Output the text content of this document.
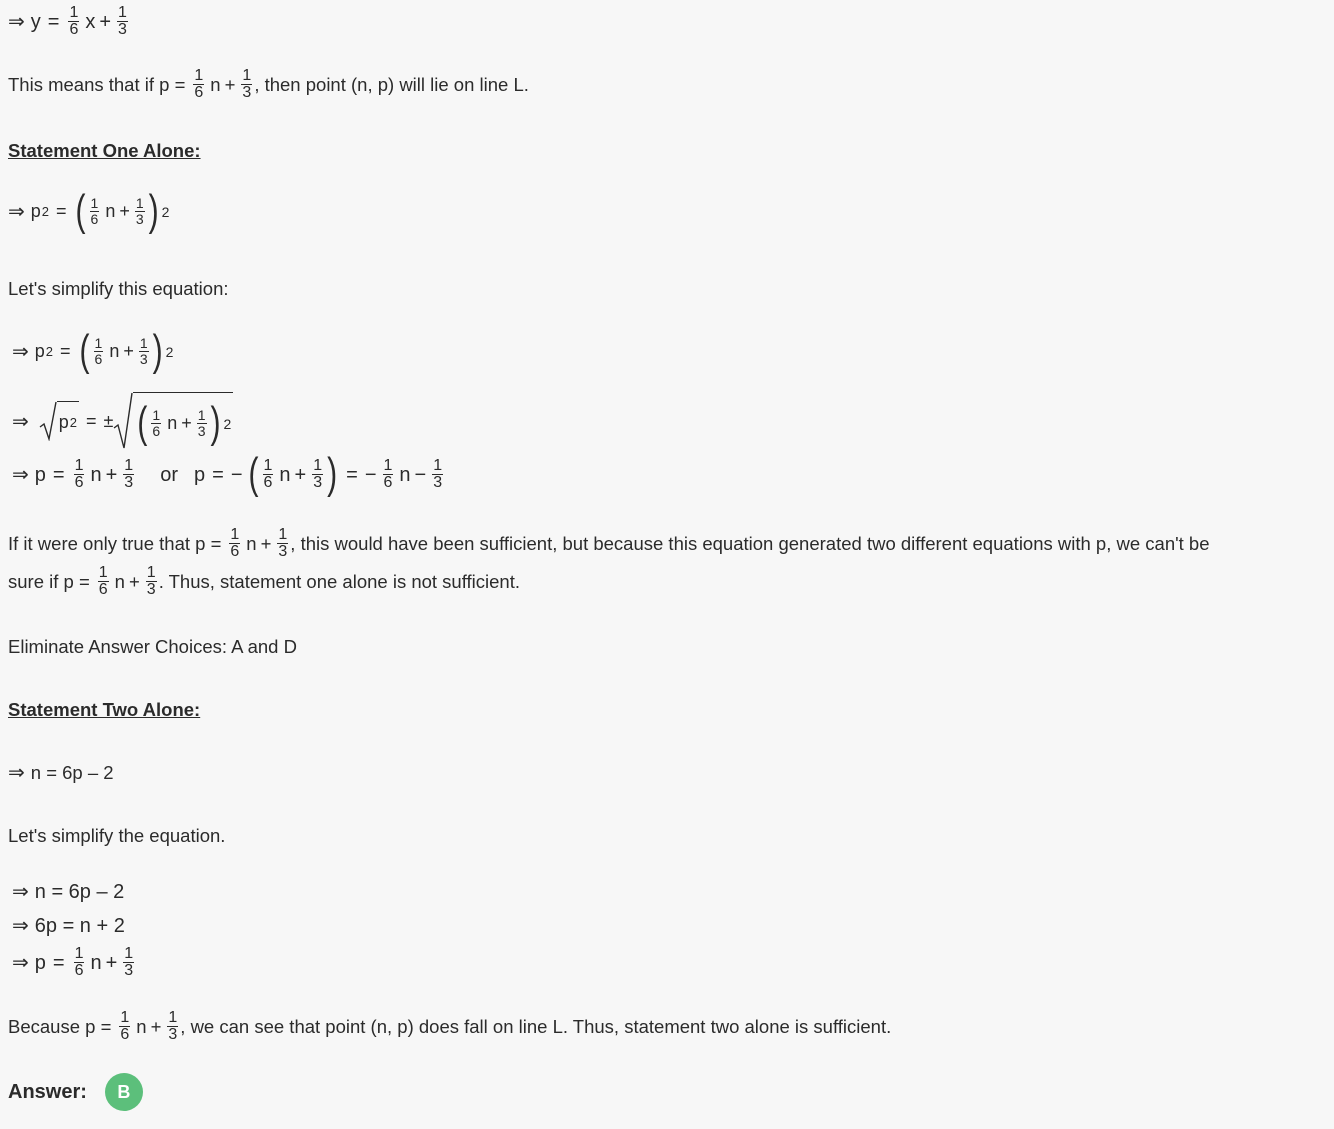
⇒ $y = \frac{1}{6}$ $x + \frac{1}{3}$
This means that if $p = \frac{1}{6}$ $n + \frac{1}{3}$ , then point (n, p) will lie on line L.
Statement One Alone:
⇒ p 2 = ( $\frac{1}{6}$ $n + \frac{1}{3}$ ) 2
Let's simplify this equation:
⇒ p 2 = ( $\frac{1}{6}$ $n + \frac{1}{3}$ ) 2
⇒ p 2 = ± ( $\frac{1}{6}$ $n + \frac{1}{3}$ ) 2
⇒ $p = \frac{1}{6}$ $n + \frac{1}{3}$ or p = − ( $\frac{1}{6}$ $n + \frac{1}{3}$ ) = − $\frac{1}{6}$ $n - \frac{1}{3}$
If it were only true that $p = \frac{1}{6}$ $n + \frac{1}{3}$ , this would have been sufficient, but because this equation generated two different equations with p, we can't be
sure if $p = \frac{1}{6}$ $n + \frac{1}{3}$ . Thus, statement one alone is not sufficient.
Eliminate Answer Choices: A and D
Statement Two Alone:
⇒ n = 6p – 2
Let's simplify the equation.
⇒ n = 6p – 2
⇒ 6p = n + 2
⇒ $p = \frac{1}{6}$ $n + \frac{1}{3}$
Because $p = \frac{1}{6}$ $n + \frac{1}{3}$ , we can see that point (n, p) does fall on line L. Thus, statement two alone is sufficient.
Answer:	B
